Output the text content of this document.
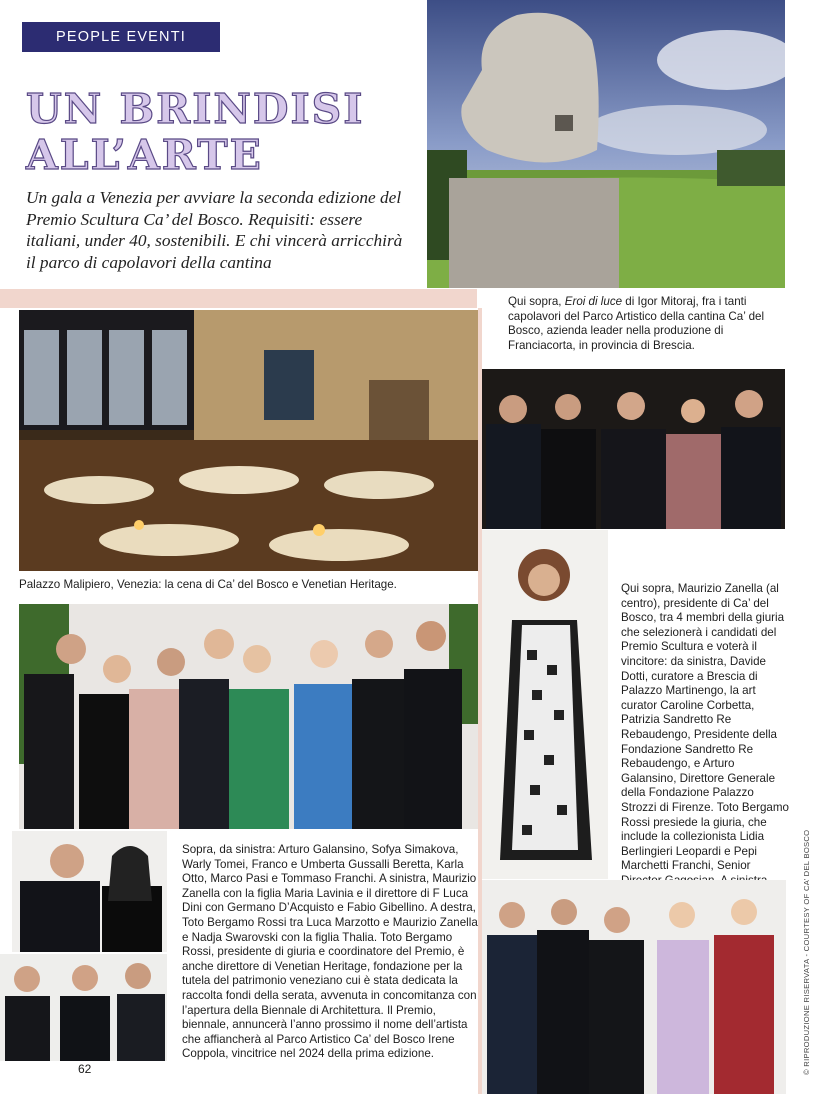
PEOPLE EVENTI
UN BRINDISI
ALL’ARTE
Un gala a Venezia per avviare la seconda edizione del Premio Scultura Ca’ del Bosco. Requisiti: essere italiani, under 40, sostenibili. E chi vincerà arricchirà il parco di capolavori della cantina
Qui sopra, Eroi di luce di Igor Mitoraj, fra i tanti capolavori del Parco Artistico della cantina Ca’ del Bosco, azienda leader nella produzione di Franciacorta, in provincia di Brescia.
Palazzo Malipiero, Venezia: la cena di Ca’ del Bosco e Venetian Heritage.	Qui sopra, Maurizio Zanella (al centro), presidente di Ca’ del Bosco, tra 4 membri della giuria che selezionerà i candidati del Premio Scultura e voterà il vincitore: da sinistra, Davide Dotti, curatore a Brescia di Palazzo Martinengo, la art curator Caroline Corbetta, Patrizia Sandretto Re Rebaudengo, Presidente della Fondazione Sandretto Re Rebaudengo, e Arturo Galansino, Direttore Generale della Fondazione Palazzo Strozzi di Firenze. Toto Bergamo Rossi presiede la giuria, che include la collezionista Lidia Berlingieri Leopardi e Pepi Marchetti Franchi, Senior
Sopra, da sinistra: Arturo Galansino, Sofya Simakova, Warly Tomei, Franco e Umberta Gussalli Beretta, Karla Otto, Marco Pasi e Tommaso Franchi. A sinistra, Maurizio Zanella con la figlia Maria Lavinia e il direttore di F Luca Dini con Germano D’Acquisto e Fabio Gibellino. A destra, Toto Bergamo Rossi tra Luca Marzotto e Maurizio Zanella e Nadja Swarovski con la figlia Thalia. Toto Bergamo Rossi, presidente di giuria e coordinatore del Premio, è anche direttore di Venetian Heritage, fondazione per la tutela del patrimonio veneziano cui è stata dedicata la raccolta fondi della serata, avvenuta in concomitanza con l’apertura della Biennale di Architettura. Il Premio, biennale, annuncerà l’anno prossimo il nome dell’artista che affiancherà al Parco Artistico Ca’ del Bosco Irene Coppola, vincitrice nel 2024 della prima edizione.
62	© RIPRODUZIONE RISERVATA - COURTESY OF CA’ DEL BOSCO
